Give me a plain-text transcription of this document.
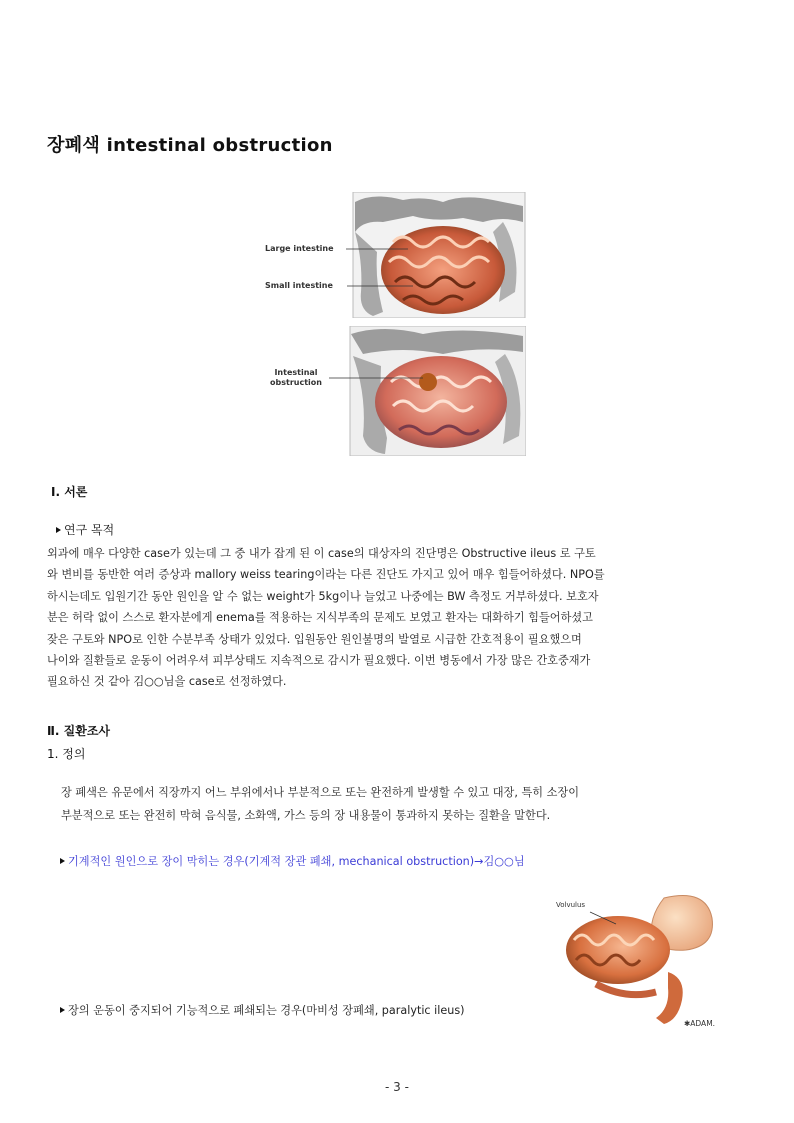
장폐색 intestinal obstruction
Large intestine
Small intestine
Intestinal
obstruction
Ⅰ. 서론
연구 목적
외과에 매우 다양한 case가 있는데 그 중 내가 잡게 된 이 case의 대상자의 진단명은 Obstructive ileus 로 구토
와 변비를 동반한 여러 증상과 mallory weiss tearing이라는 다른 진단도 가지고 있어 매우 힘들어하셨다. NPO를
하시는데도 입원기간 동안 원인을 알 수 없는 weight가 5kg이나 늘었고 나중에는 BW 측정도 거부하셨다. 보호자
분은 허락 없이 스스로 환자분에게 enema를 적용하는 지식부족의 문제도 보였고 환자는 대화하기 힘들어하셨고
잦은 구토와 NPO로 인한 수분부족 상태가 있었다. 입원동안 원인불명의 발열로 시급한 간호적용이 필요했으며
나이와 질환들로 운동이 어려우셔 피부상태도 지속적으로 감시가 필요했다. 이번 병동에서 가장 많은 간호중재가
필요하신 것 같아 김○○님을 case로 선정하였다.
Ⅱ. 질환조사
1. 정의
장 폐색은 유문에서 직장까지 어느 부위에서나 부분적으로 또는 완전하게 발생할 수 있고 대장, 특히 소장이
부분적으로 또는 완전히 막혀 음식물, 소화액, 가스 등의 장 내용물이 통과하지 못하는 질환을 말한다.
기계적인 원인으로 장이 막히는 경우(기계적 장관 폐쇄, mechanical obstruction)→김○○님
장의 운동이 중지되어 기능적으로 폐쇄되는 경우(마비성 장폐쇄, paralytic ileus)
Volvulus
✱ADAM.
- 3 -
